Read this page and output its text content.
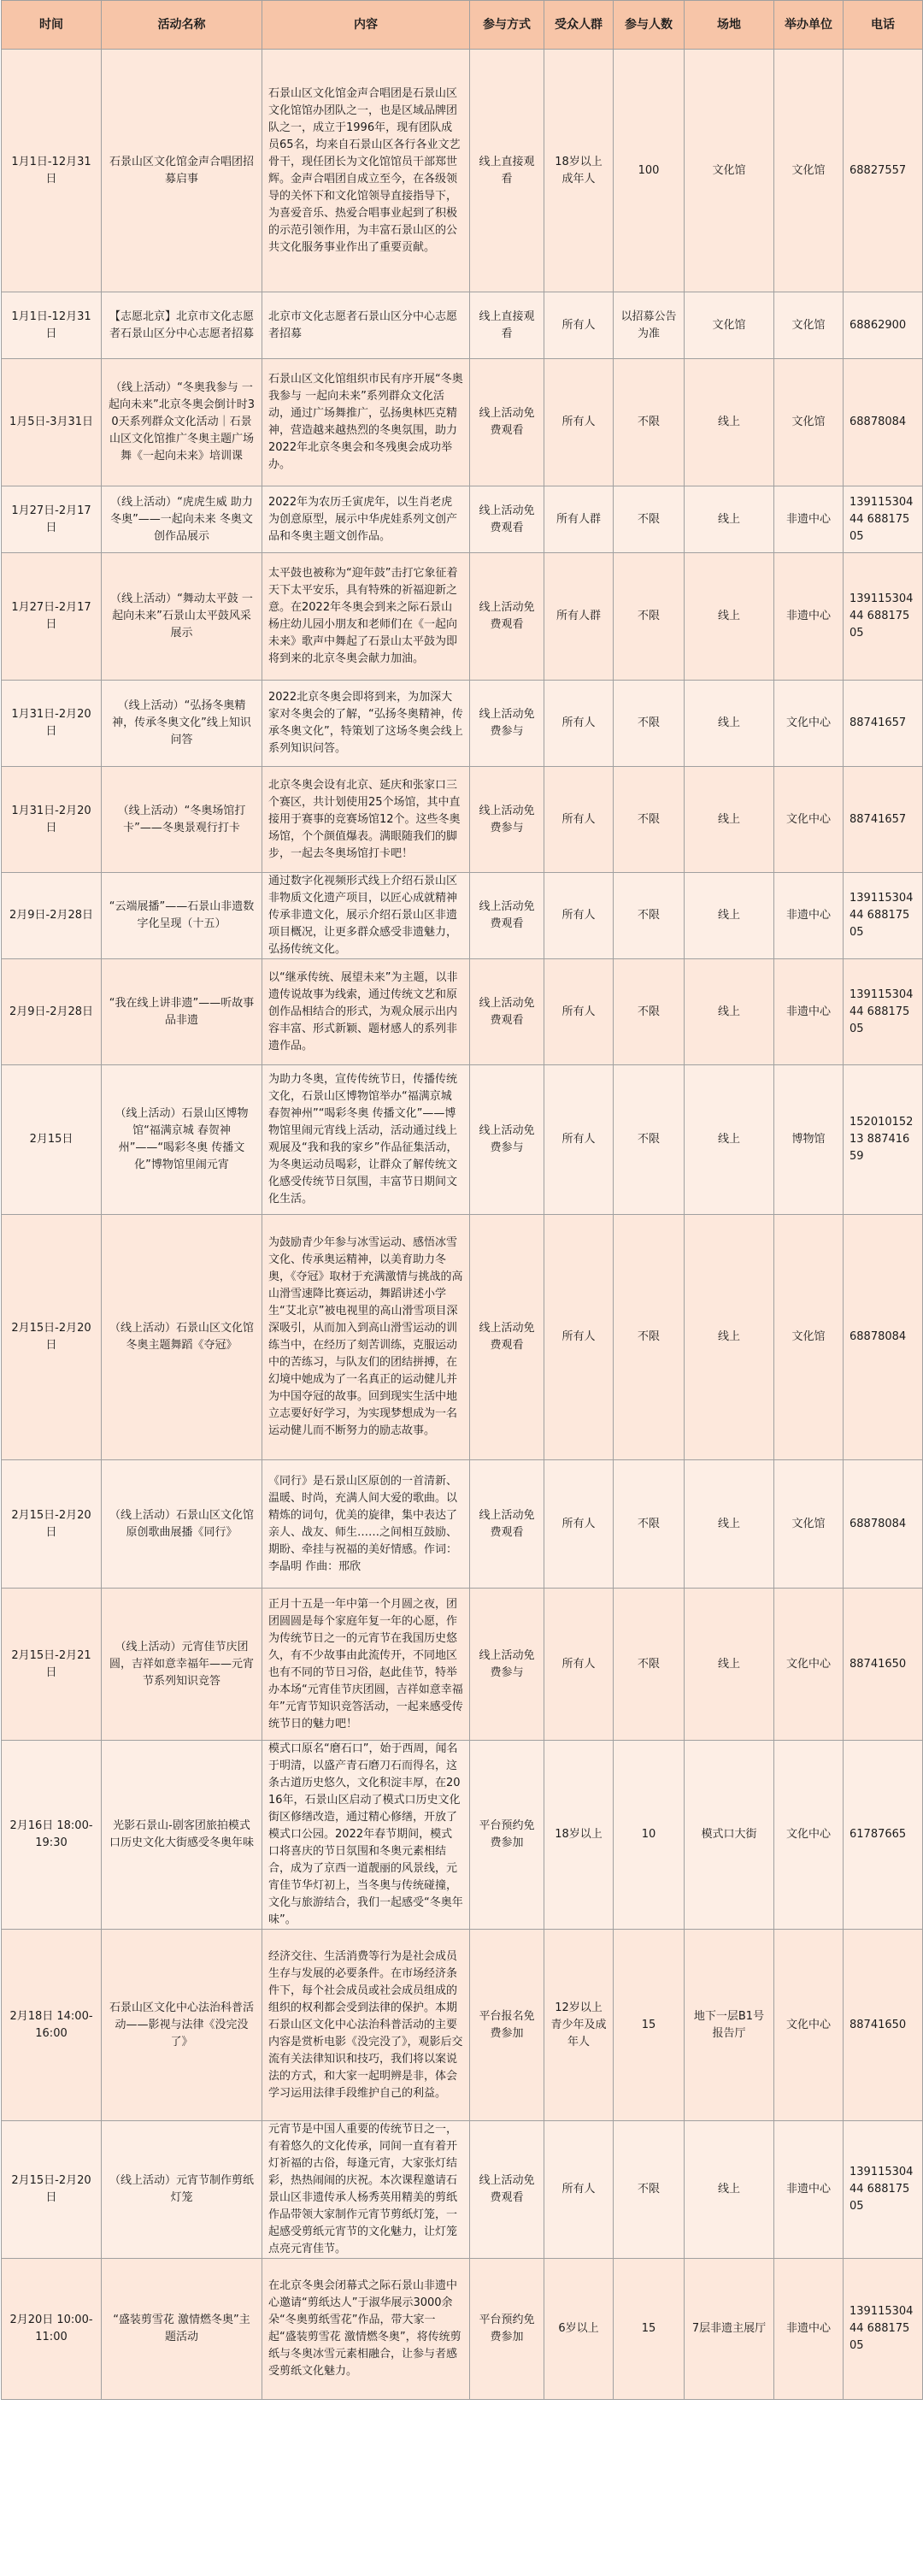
时间	活动名称	内容	参与方式	受众人群	参与人数	场地	举办单位	电话
1月1日-12月31日	石景山区文化馆金声合唱团招募启事	石景山区文化馆金声合唱团是石景山区文化馆馆办团队之一，也是区域品牌团队之一，成立于1996年，现有团队成员65名，均来自石景山区各行各业文艺骨干，现任团长为文化馆馆员干部郑世辉。金声合唱团自成立至今，在各级领导的关怀下和文化馆领导直接指导下，为喜爱音乐、热爱合唱事业起到了积极的示范引领作用，为丰富石景山区的公共文化服务事业作出了重要贡献。	线上直接观看	18岁以上成年人	100	文化馆	文化馆	68827557
1月1日-12月31日	【志愿北京】北京市文化志愿者石景山区分中心志愿者招募	北京市文化志愿者石景山区分中心志愿者招募	线上直接观看	所有人	以招募公告为准	文化馆	文化馆	68862900
1月5日-3月31日	（线上活动）“冬奥我参与 一起向未来”北京冬奥会倒计时30天系列群众文化活动｜石景山区文化馆推广冬奥主题广场舞《一起向未来》培训课	石景山区文化馆组织市民有序开展“冬奥我参与 一起向未来”系列群众文化活动，通过广场舞推广，弘扬奥林匹克精神，营造越来越热烈的冬奥氛围，助力2022年北京冬奥会和冬残奥会成功举办。	线上活动免费观看	所有人	不限	线上	文化馆	68878084
1月27日-2月17日	（线上活动）“虎虎生威 助力冬奥”——一起向未来 冬奥文创作品展示	2022年为农历壬寅虎年，以生肖老虎为创意原型，展示中华虎娃系列文创产品和冬奥主题文创作品。	线上活动免费观看	所有人群	不限	线上	非遗中心	13911530444 68817505
1月27日-2月17日	（线上活动）“舞动太平鼓 一起向未来”石景山太平鼓风采展示	太平鼓也被称为“迎年鼓”击打它象征着天下太平安乐，具有特殊的祈福迎新之意。在2022年冬奥会到来之际石景山杨庄幼儿园小朋友和老师们在《一起向未来》歌声中舞起了石景山太平鼓为即将到来的北京冬奥会献力加油。	线上活动免费观看	所有人群	不限	线上	非遗中心	13911530444 68817505
1月31日-2月20日	（线上活动）“弘扬冬奥精神，传承冬奥文化”线上知识问答	2022北京冬奥会即将到来，为加深大家对冬奥会的了解，“弘扬冬奥精神，传承冬奥文化”，特策划了这场冬奥会线上系列知识问答。	线上活动免费参与	所有人	不限	线上	文化中心	88741657
1月31日-2月20日	（线上活动）“冬奥场馆打卡”——冬奥景观行打卡	北京冬奥会设有北京、延庆和张家口三个赛区，共计划使用25个场馆，其中直接用于赛事的竞赛场馆12个。这些冬奥场馆，个个颜值爆表。满眼随我们的脚步，一起去冬奥场馆打卡吧！	线上活动免费参与	所有人	不限	线上	文化中心	88741657
2月9日-2月28日	“云端展播”——石景山非遗数字化呈现（十五）	通过数字化视频形式线上介绍石景山区非物质文化遗产项目，以匠心成就精神传承非遗文化，展示介绍石景山区非遗项目概况，让更多群众感受非遗魅力，弘扬传统文化。	线上活动免费观看	所有人	不限	线上	非遗中心	13911530444 68817505
2月9日-2月28日	“我在线上讲非遗”——听故事 品非遗	以“继承传统、展望未来”为主题，以非遗传说故事为线索，通过传统文艺和原创作品相结合的形式，为观众展示出内容丰富、形式新颖、题材感人的系列非遗作品。	线上活动免费观看	所有人	不限	线上	非遗中心	13911530444 68817505
2月15日	（线上活动）石景山区博物馆“福满京城 春贺神州”——“喝彩冬奥 传播文化”博物馆里闹元宵	为助力冬奥，宣传传统节日，传播传统文化，石景山区博物馆举办“福满京城 春贺神州”“喝彩冬奥 传播文化”——博物馆里闹元宵线上活动，活动通过线上观展及“我和我的家乡”作品征集活动，为冬奥运动员喝彩，让群众了解传统文化感受传统节日氛围，丰富节日期间文化生活。	线上活动免费参与	所有人	不限	线上	博物馆	15201015213 88741659
2月15日-2月20日	（线上活动）石景山区文化馆冬奥主题舞蹈《夺冠》	为鼓励青少年参与冰雪运动、感悟冰雪文化、传承奥运精神，以美育助力冬奥，《夺冠》取材于充满激情与挑战的高山滑雪速降比赛运动，舞蹈讲述小学生“艾北京”被电视里的高山滑雪项目深深吸引，从而加入到高山滑雪运动的训练当中，在经历了刻苦训练，克服运动中的苦练习，与队友们的团结拼搏，在幻境中她成为了一名真正的运动健儿并为中国夺冠的故事。回到现实生活中地立志要好好学习，为实现梦想成为一名运动健儿而不断努力的励志故事。	线上活动免费观看	所有人	不限	线上	文化馆	68878084
2月15日-2月20日	（线上活动）石景山区文化馆原创歌曲展播《同行》	《同行》是石景山区原创的一首清新、温暖、时尚，充满人间大爱的歌曲。以精炼的词句，优美的旋律，集中表达了亲人、战友、师生……之间相互鼓励、期盼、牵挂与祝福的美好情感。作词：李晶明 作曲：邢欣	线上活动免费观看	所有人	不限	线上	文化馆	68878084
2月15日-2月21日	（线上活动）元宵佳节庆团圆，吉祥如意幸福年——元宵节系列知识竞答	正月十五是一年中第一个月圆之夜，团团圆圆是每个家庭年复一年的心愿，作为传统节日之一的元宵节在我国历史悠久，有不少故事由此流传开，不同地区也有不同的节日习俗，赵此佳节，特举办本场“元宵佳节庆团圆，吉祥如意幸福年”元宵节知识竞答活动，一起来感受传统节日的魅力吧！	线上活动免费参与	所有人	不限	线上	文化中心	88741650
2月16日 18:00-19:30	光影石景山-剧客团旅拍模式口历史文化大街感受冬奥年味	模式口原名“磨石口”，始于西周，闻名于明清，以盛产青石磨刀石而得名，这条古道历史悠久，文化积淀丰厚，在2016年，石景山区启动了模式口历史文化街区修缮改造，通过精心修缮，开放了模式口公园。2022年春节期间，模式口将喜庆的节日氛围和冬奥元素相结合，成为了京西一道靓丽的风景线，元宵佳节华灯初上，当冬奥与传统碰撞，文化与旅游结合，我们一起感受“冬奥年味”。	平台预约免费参加	18岁以上	10	模式口大街	文化中心	61787665
2月18日 14:00-16:00	石景山区文化中心法治科普活动——影视与法律《没完没了》	经济交往、生活消费等行为是社会成员生存与发展的必要条件。在市场经济条件下，每个社会成员或社会成员组成的组织的权利都会受到法律的保护。本期石景山区文化中心法治科普活动的主要内容是赏析电影《没完没了》，观影后交流有关法律知识和技巧，我们将以案说法的方式，和大家一起明辨是非，体会学习运用法律手段维护自己的利益。	平台报名免费参加	12岁以上青少年及成年人	15	地下一层B1号报告厅	文化中心	88741650
2月15日-2月20日	（线上活动）元宵节制作剪纸灯笼	元宵节是中国人重要的传统节日之一，有着悠久的文化传承，同间一直有着开灯祈福的古俗，每逢元宵，大家张灯结彩，热热闹闹的庆祝。本次课程邀请石景山区非遗传承人杨秀英用精美的剪纸作品带领大家制作元宵节剪纸灯笼，一起感受剪纸元宵节的文化魅力，让灯笼点亮元宵佳节。	线上活动免费观看	所有人	不限	线上	非遗中心	13911530444 68817505
2月20日 10:00-11:00	“盛装剪雪花 激情燃冬奥”主题活动	在北京冬奥会闭幕式之际石景山非遗中心邀请“剪纸达人”于淑华展示3000余朵“冬奥剪纸雪花”作品，带大家一起“盛装剪雪花 激情燃冬奥”，将传统剪纸与冬奥冰雪元素相融合，让参与者感受剪纸文化魅力。	平台预约免费参加	6岁以上	15	7层非遗主展厅	非遗中心	13911530444 68817505
